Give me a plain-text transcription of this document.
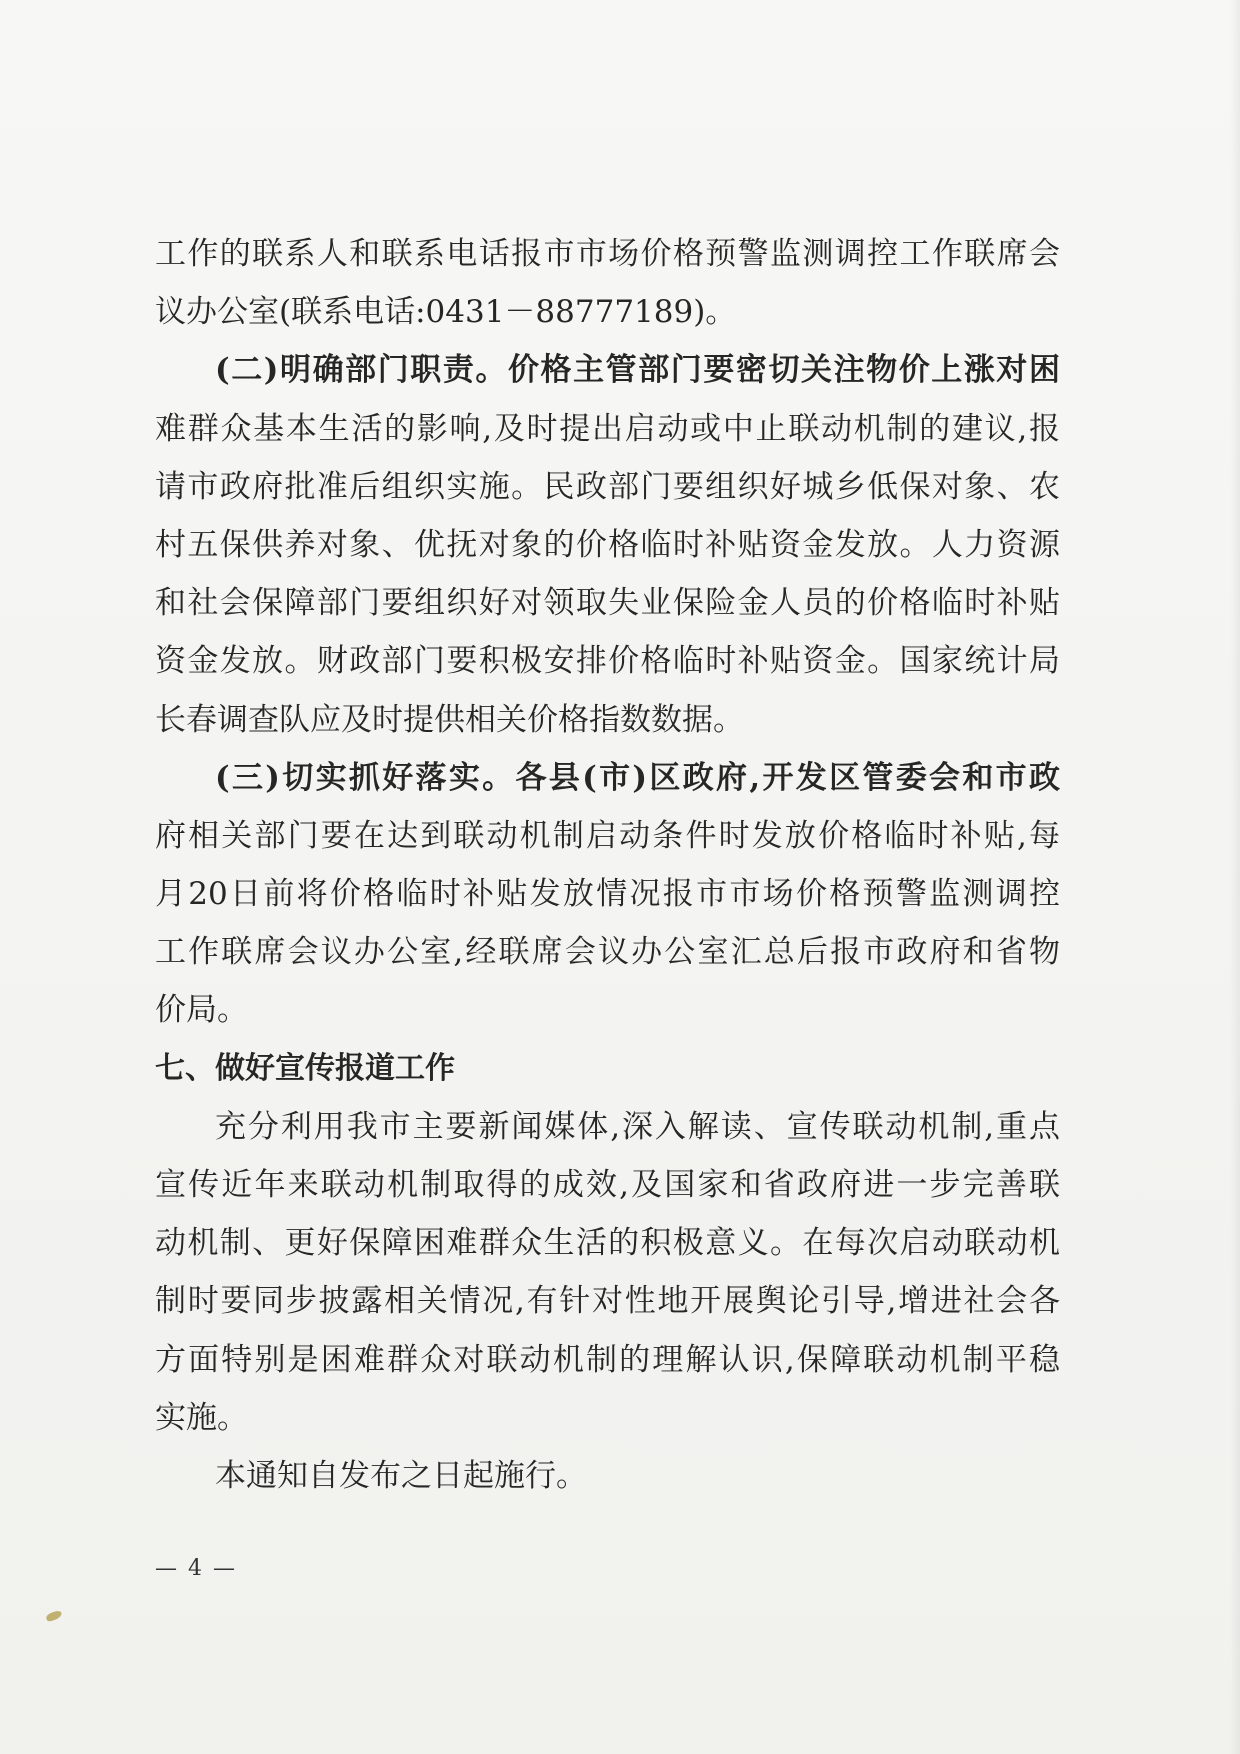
工作的联系人和联系电话报市市场价格预警监测调控工作联席会
议办公室(联系电话:0431－88777189)。
(二)明确部门职责。价格主管部门要密切关注物价上涨对困
难群众基本生活的影响,及时提出启动或中止联动机制的建议,报
请市政府批准后组织实施。民政部门要组织好城乡低保对象、农
村五保供养对象、优抚对象的价格临时补贴资金发放。人力资源
和社会保障部门要组织好对领取失业保险金人员的价格临时补贴
资金发放。财政部门要积极安排价格临时补贴资金。国家统计局
长春调查队应及时提供相关价格指数数据。
(三)切实抓好落实。各县(市)区政府,开发区管委会和市政
府相关部门要在达到联动机制启动条件时发放价格临时补贴,每
月20日前将价格临时补贴发放情况报市市场价格预警监测调控
工作联席会议办公室,经联席会议办公室汇总后报市政府和省物
价局。
七、做好宣传报道工作
充分利用我市主要新闻媒体,深入解读、宣传联动机制,重点
宣传近年来联动机制取得的成效,及国家和省政府进一步完善联
动机制、更好保障困难群众生活的积极意义。在每次启动联动机
制时要同步披露相关情况,有针对性地开展舆论引导,增进社会各
方面特别是困难群众对联动机制的理解认识,保障联动机制平稳
实施。
本通知自发布之日起施行。
— 4 —
